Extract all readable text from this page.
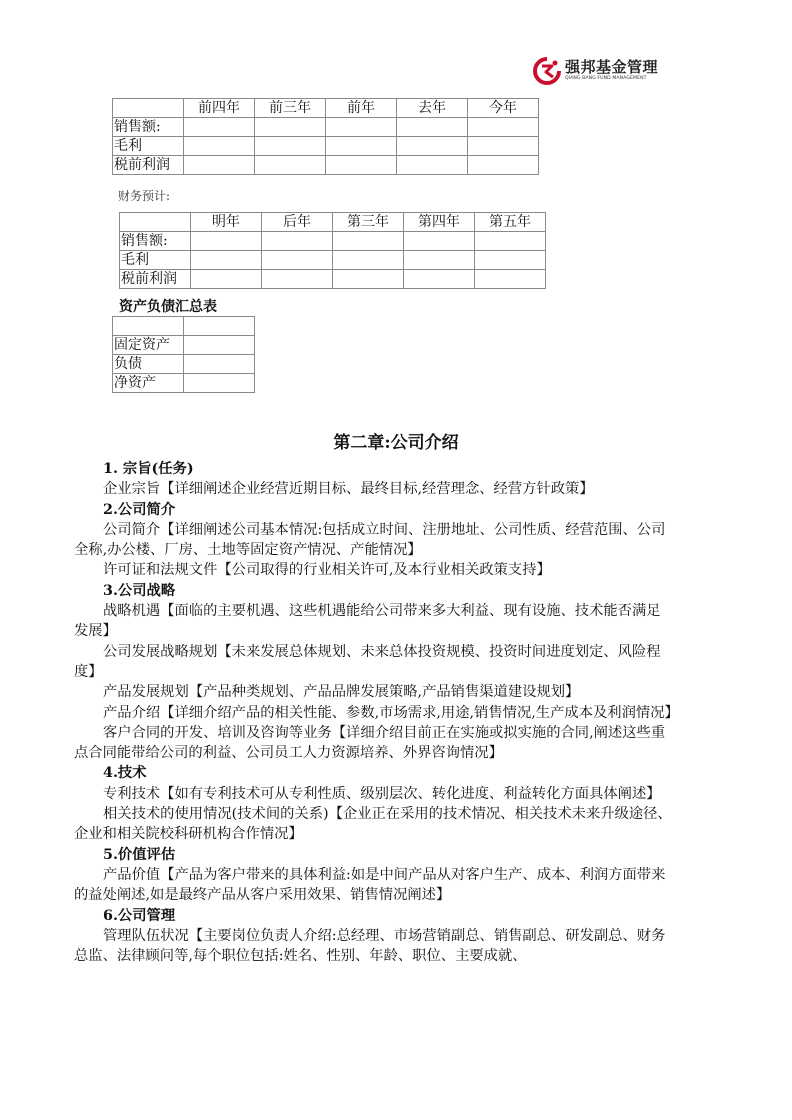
强邦基金管理
QIANG BANG FUND MANAGEMENT
	前四年	前三年	前年	去年	今年
销售额:					
毛利					
税前利润					
财务预计:
	明年	后年	第三年	第四年	第五年
销售额:					
毛利					
税前利润					
资产负债汇总表

固定资产	
负债	
净资产	
第二章:公司介绍
1. 宗旨(任务)
企业宗旨【详细阐述企业经营近期目标、最终目标,经营理念、经营方针政策】
2.公司简介
公司简介【详细阐述公司基本情况:包括成立时间、注册地址、公司性质、经营范围、公司全称,办公楼、厂房、土地等固定资产情况、产能情况】
许可证和法规文件【公司取得的行业相关许可,及本行业相关政策支持】
3.公司战略
战略机遇【面临的主要机遇、这些机遇能给公司带来多大利益、现有设施、技术能否满足发展】
公司发展战略规划【未来发展总体规划、未来总体投资规模、投资时间进度划定、风险程度】
产品发展规划【产品种类规划、产品品牌发展策略,产品销售渠道建设规划】
产品介绍【详细介绍产品的相关性能、参数,市场需求,用途,销售情况,生产成本及利润情况】
客户合同的开发、培训及咨询等业务【详细介绍目前正在实施或拟实施的合同,阐述这些重点合同能带给公司的利益、公司员工人力资源培养、外界咨询情况】
4.技术
专利技术【如有专利技术可从专利性质、级别层次、转化进度、利益转化方面具体阐述】
相关技术的使用情况(技术间的关系)【企业正在采用的技术情况、相关技术未来升级途径、企业和相关院校科研机构合作情况】
5.价值评估
产品价值【产品为客户带来的具体利益:如是中间产品从对客户生产、成本、利润方面带来的益处阐述,如是最终产品从客户采用效果、销售情况阐述】
6.公司管理
管理队伍状况【主要岗位负责人介绍:总经理、市场营销副总、销售副总、研发副总、财务总监、法律顾问等,每个职位包括:姓名、性别、年龄、职位、主要成就、
